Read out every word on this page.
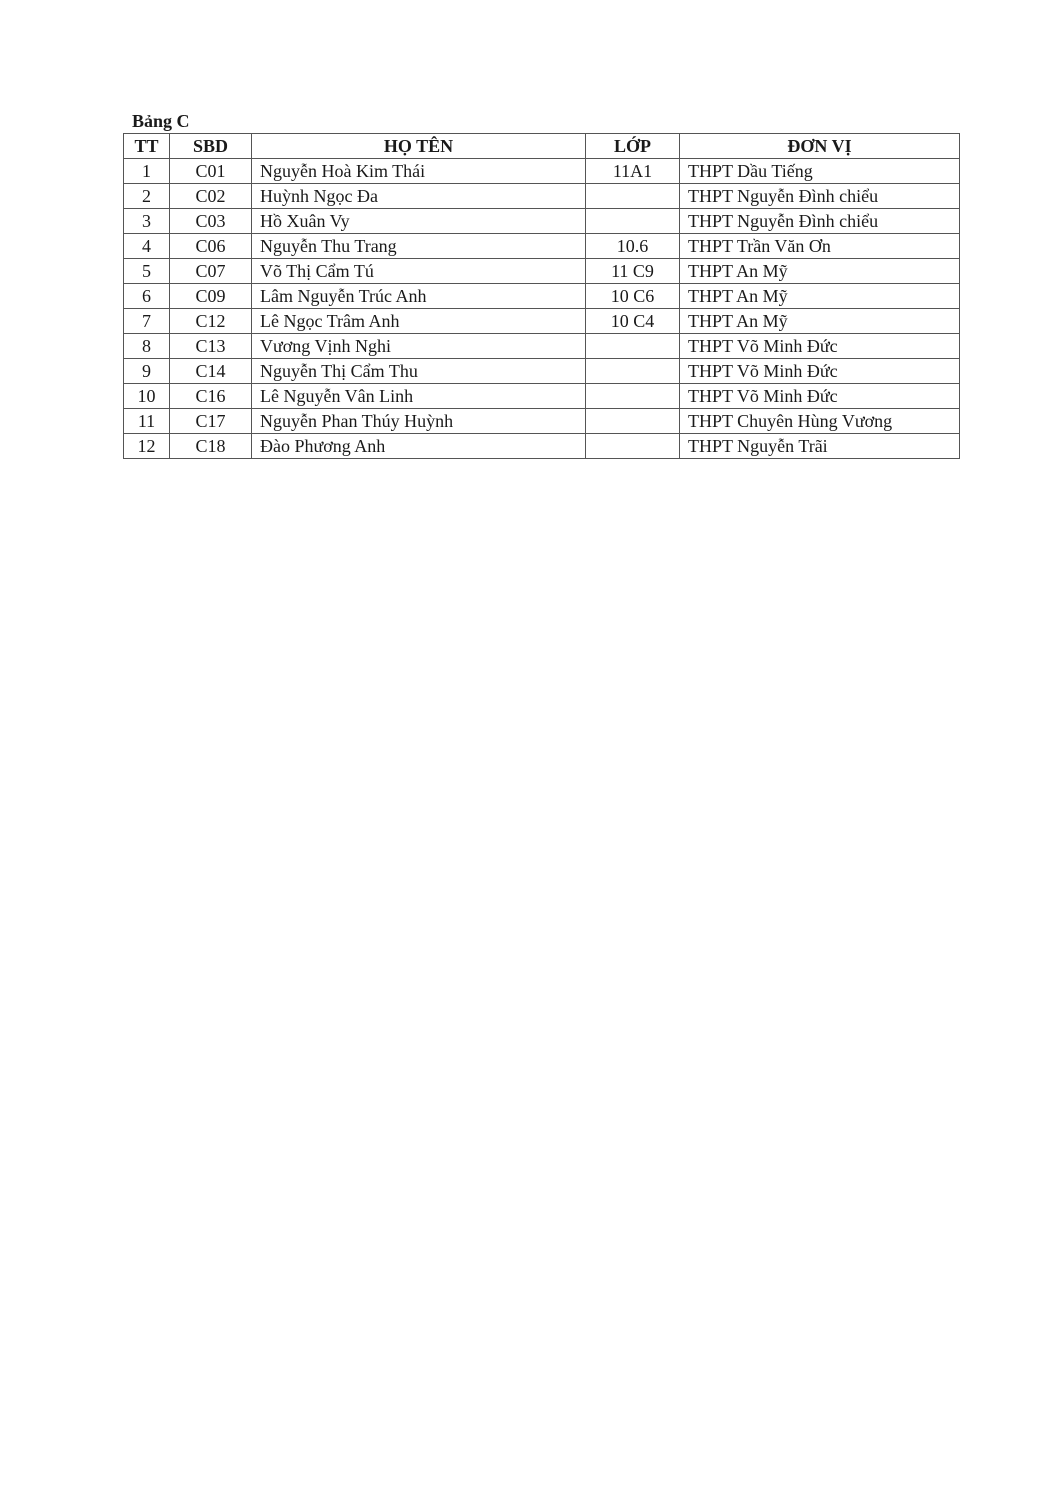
Bảng C
TT	SBD	HỌ TÊN	LỚP	ĐƠN VỊ
1	C01	Nguyễn Hoà Kim Thái	11A1	THPT Dầu Tiếng
2	C02	Huỳnh Ngọc Đa		THPT Nguyễn Đình chiểu
3	C03	Hồ Xuân Vy		THPT Nguyễn Đình chiểu
4	C06	Nguyễn Thu Trang	10.6	THPT Trần Văn Ơn
5	C07	Võ Thị Cẩm Tú	11 C9	THPT An Mỹ
6	C09	Lâm Nguyễn Trúc Anh	10 C6	THPT An Mỹ
7	C12	Lê Ngọc Trâm Anh	10 C4	THPT An Mỹ
8	C13	Vương Vịnh Nghi		THPT Võ Minh Đức
9	C14	Nguyễn Thị Cẩm Thu		THPT Võ Minh Đức
10	C16	Lê Nguyễn Vân Linh		THPT Võ Minh Đức
11	C17	Nguyễn Phan Thúy Huỳnh		THPT Chuyên Hùng Vương
12	C18	Đào Phương Anh		THPT Nguyễn Trãi
